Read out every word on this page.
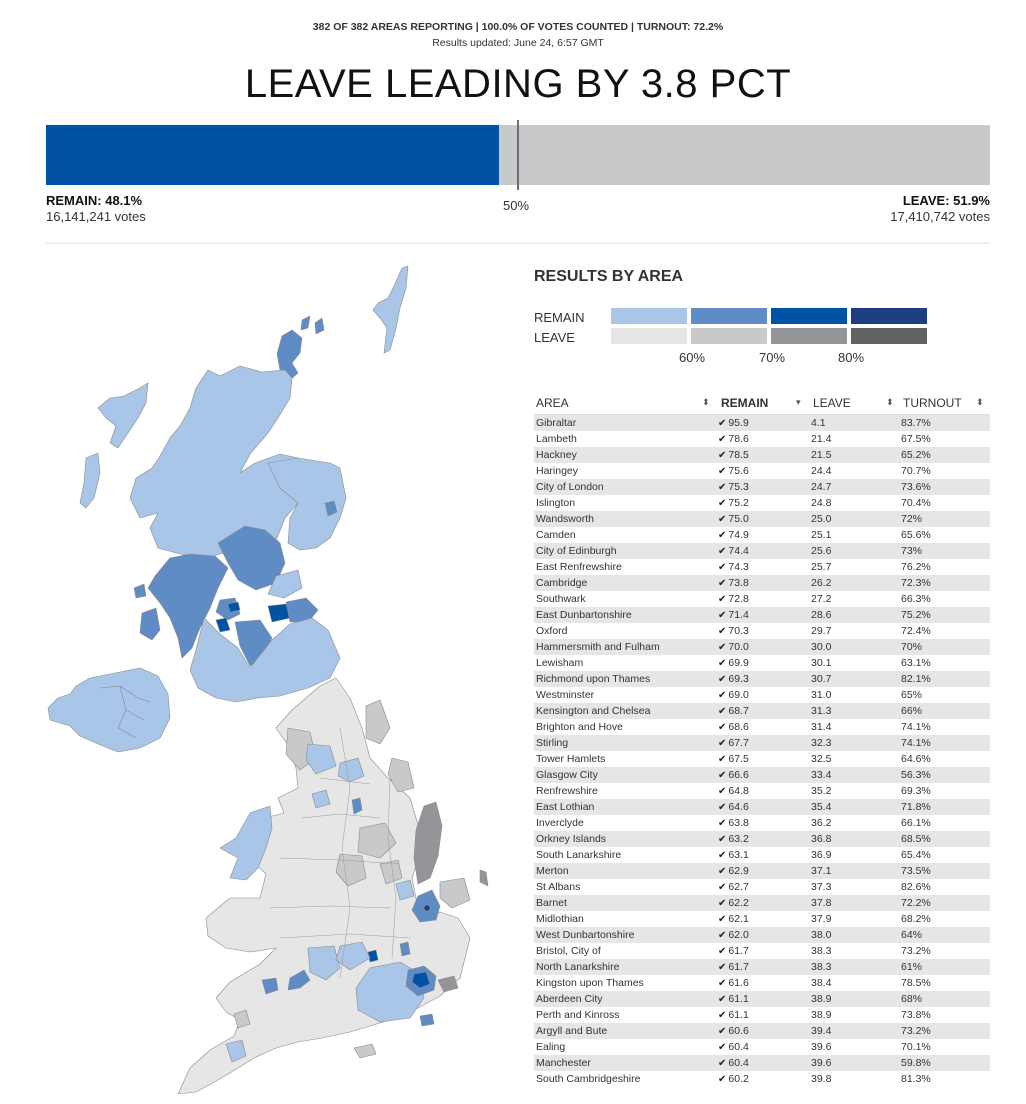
382 OF 382 AREAS REPORTING | 100.0% OF VOTES COUNTED | TURNOUT: 72.2%
Results updated: June 24, 6:57 GMT
LEAVE LEADING BY 3.8 PCT
REMAIN: 48.1%
16,141,241 votes
50%	LEAVE: 51.9%
17,410,742 votes
RESULTS BY AREA
REMAIN
LEAVE
60%	70%	80%
AREA	⬍ REMAIN	▾ LEAVE	⬍ TURNOUT ⬍
Gibraltar	✔ 95.9	4.1	83.7%
Lambeth	✔ 78.6	21.4	67.5%
Hackney	✔ 78.5	21.5	65.2%
Haringey	✔ 75.6	24.4	70.7%
City of London	✔ 75.3	24.7	73.6%
Islington	✔ 75.2	24.8	70.4%
Wandsworth	✔ 75.0	25.0	72%
Camden	✔ 74.9	25.1	65.6%
City of Edinburgh	✔ 74.4	25.6	73%
East Renfrewshire	✔ 74.3	25.7	76.2%
Cambridge	✔ 73.8	26.2	72.3%
Southwark	✔ 72.8	27.2	66.3%
East Dunbartonshire	✔ 71.4	28.6	75.2%
Oxford	✔ 70.3	29.7	72.4%
Hammersmith and Fulham	✔ 70.0	30.0	70%
Lewisham	✔ 69.9	30.1	63.1%
Richmond upon Thames	✔ 69.3	30.7	82.1%
Westminster	✔ 69.0	31.0	65%
Kensington and Chelsea	✔ 68.7	31.3	66%
Brighton and Hove	✔ 68.6	31.4	74.1%
Stirling	✔ 67.7	32.3	74.1%
Tower Hamlets	✔ 67.5	32.5	64.6%
Glasgow City	✔ 66.6	33.4	56.3%
Renfrewshire	✔ 64.8	35.2	69.3%
East Lothian	✔ 64.6	35.4	71.8%
Inverclyde	✔ 63.8	36.2	66.1%
Orkney Islands	✔ 63.2	36.8	68.5%
South Lanarkshire	✔ 63.1	36.9	65.4%
Merton	✔ 62.9	37.1	73.5%
St Albans	✔ 62.7	37.3	82.6%
Barnet	✔ 62.2	37.8	72.2%
Midlothian	✔ 62.1	37.9	68.2%
West Dunbartonshire	✔ 62.0	38.0	64%
Bristol, City of	✔ 61.7	38.3	73.2%
North Lanarkshire	✔ 61.7	38.3	61%
Kingston upon Thames	✔ 61.6	38.4	78.5%
Aberdeen City	✔ 61.1	38.9	68%
Perth and Kinross	✔ 61.1	38.9	73.8%
Argyll and Bute	✔ 60.6	39.4	73.2%
Ealing	✔ 60.4	39.6	70.1%
Manchester	✔ 60.4	39.6	59.8%
South Cambridgeshire	✔ 60.2	39.8	81.3%
